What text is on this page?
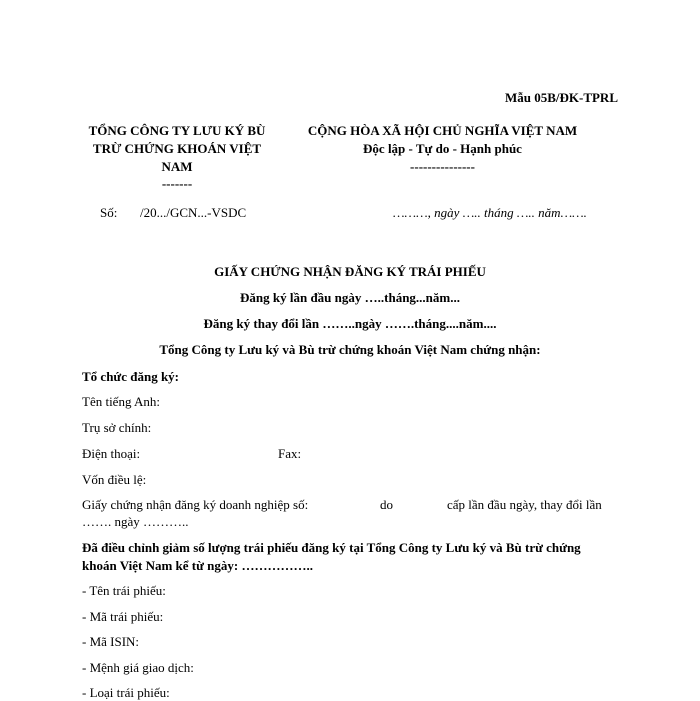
Mẫu 05B/ĐK-TPRL
TỔNG CÔNG TY LƯU KÝ BÙ
TRỪ CHỨNG KHOÁN VIỆT
NAM
-------
CỘNG HÒA XÃ HỘI CHỦ NGHĨA VIỆT NAM
Độc lập - Tự do - Hạnh phúc
---------------
Số: /20.../GCN...-VSDC	………, ngày ….. tháng ….. năm…….
GIẤY CHỨNG NHẬN ĐĂNG KÝ TRÁI PHIẾU
Đăng ký lần đầu ngày …..tháng...năm...
Đăng ký thay đổi lần ……..ngày …….tháng....năm....
Tổng Công ty Lưu ký và Bù trừ chứng khoán Việt Nam chứng nhận:
Tổ chức đăng ký:
Tên tiếng Anh:
Trụ sở chính:
Điện thoại:	Fax:
Vốn điều lệ:
Giấy chứng nhận đăng ký doanh nghiệp số:	do	cấp lần đầu ngày, thay đổi lần
……. ngày ………..
Đã điều chỉnh giảm số lượng trái phiếu đăng ký tại Tổng Công ty Lưu ký và Bù trừ chứng
khoán Việt Nam kể từ ngày: ……………..
- Tên trái phiếu:
- Mã trái phiếu:
- Mã ISIN:
- Mệnh giá giao dịch:
- Loại trái phiếu:
